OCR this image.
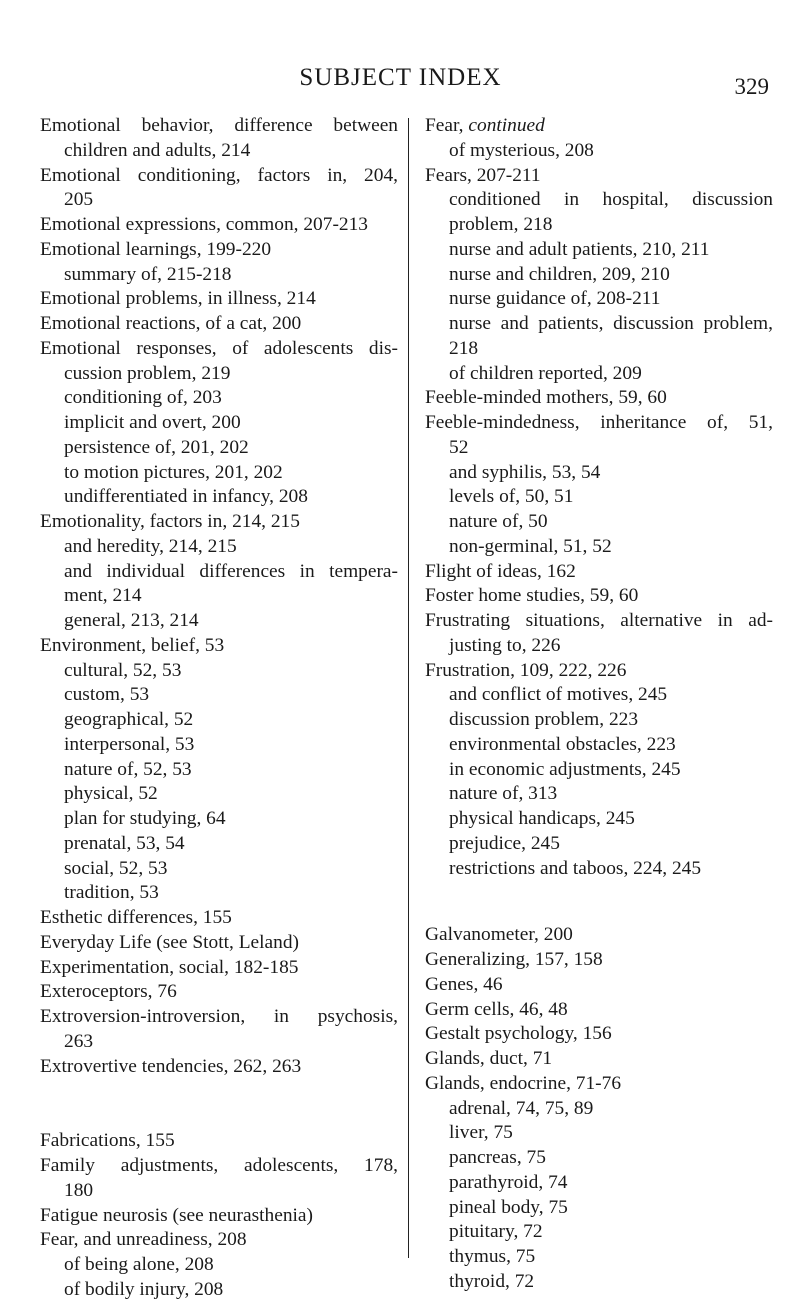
SUBJECT INDEX	329
Emotional behavior, difference between
children and adults, 214
Emotional conditioning, factors in, 204,
205
Emotional expressions, common, 207-213
Emotional learnings, 199-220
summary of, 215-218
Emotional problems, in illness, 214
Emotional reactions, of a cat, 200
Emotional responses, of adolescents dis-
cussion problem, 219
conditioning of, 203
implicit and overt, 200
persistence of, 201, 202
to motion pictures, 201, 202
undifferentiated in infancy, 208
Emotionality, factors in, 214, 215
and heredity, 214, 215
and individual differences in tempera-
ment, 214
general, 213, 214
Environment, belief, 53
cultural, 52, 53
custom, 53
geographical, 52
interpersonal, 53
nature of, 52, 53
physical, 52
plan for studying, 64
prenatal, 53, 54
social, 52, 53
tradition, 53
Esthetic differences, 155
Everyday Life (see Stott, Leland)
Experimentation, social, 182-185
Exteroceptors, 76
Extroversion-introversion, in psychosis,
263
Extrovertive tendencies, 262, 263
Fabrications, 155
Family adjustments, adolescents, 178,
180
Fatigue neurosis (see neurasthenia)
Fear, and unreadiness, 208
of being alone, 208
of bodily injury, 208
Fear, continued
of mysterious, 208
Fears, 207-211
conditioned in hospital, discussion
problem, 218
nurse and adult patients, 210, 211
nurse and children, 209, 210
nurse guidance of, 208-211
nurse and patients, discussion problem,
218
of children reported, 209
Feeble-minded mothers, 59, 60
Feeble-mindedness, inheritance of, 51,
52
and syphilis, 53, 54
levels of, 50, 51
nature of, 50
non-germinal, 51, 52
Flight of ideas, 162
Foster home studies, 59, 60
Frustrating situations, alternative in ad-
justing to, 226
Frustration, 109, 222, 226
and conflict of motives, 245
discussion problem, 223
environmental obstacles, 223
in economic adjustments, 245
nature of, 313
physical handicaps, 245
prejudice, 245
restrictions and taboos, 224, 245
Galvanometer, 200
Generalizing, 157, 158
Genes, 46
Germ cells, 46, 48
Gestalt psychology, 156
Glands, duct, 71
Glands, endocrine, 71-76
adrenal, 74, 75, 89
liver, 75
pancreas, 75
parathyroid, 74
pineal body, 75
pituitary, 72
thymus, 75
thyroid, 72
